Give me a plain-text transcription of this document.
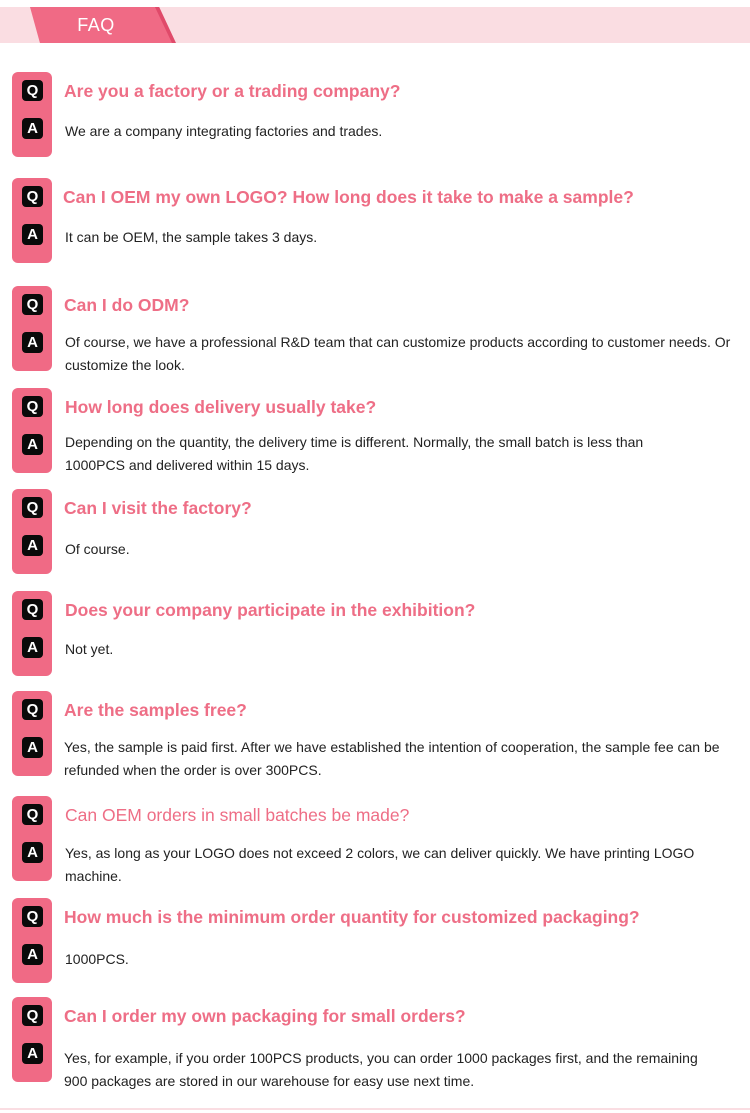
FAQ
Q
A
Are you a factory or a trading company?
We are a company integrating factories and trades.
Q
A
Can I OEM my own LOGO? How long does it take to make a sample?
It can be OEM, the sample takes 3 days.
Q
A
Can I do ODM?
Of course, we have a professional R&D team that can customize products according to customer needs. Or customize the look.
Q
A
How long does delivery usually take?
Depending on the quantity, the delivery time is different. Normally, the small batch is less than 1000PCS and delivered within 15 days.
Q
A
Can I visit the factory?
Of course.
Q
A
Does your company participate in the exhibition?
Not yet.
Q
A
Are the samples free?
Yes, the sample is paid first. After we have established the intention of cooperation, the sample fee can be refunded when the order is over 300PCS.
Q
A
Can OEM orders in small batches be made?
Yes, as long as your LOGO does not exceed 2 colors, we can deliver quickly. We have printing LOGO machine.
Q
A
How much is the minimum order quantity for customized packaging?
1000PCS.
Q
A
Can I order my own packaging for small orders?
Yes, for example, if you order 100PCS products, you can order 1000 packages first, and the remaining 900 packages are stored in our warehouse for easy use next time.
